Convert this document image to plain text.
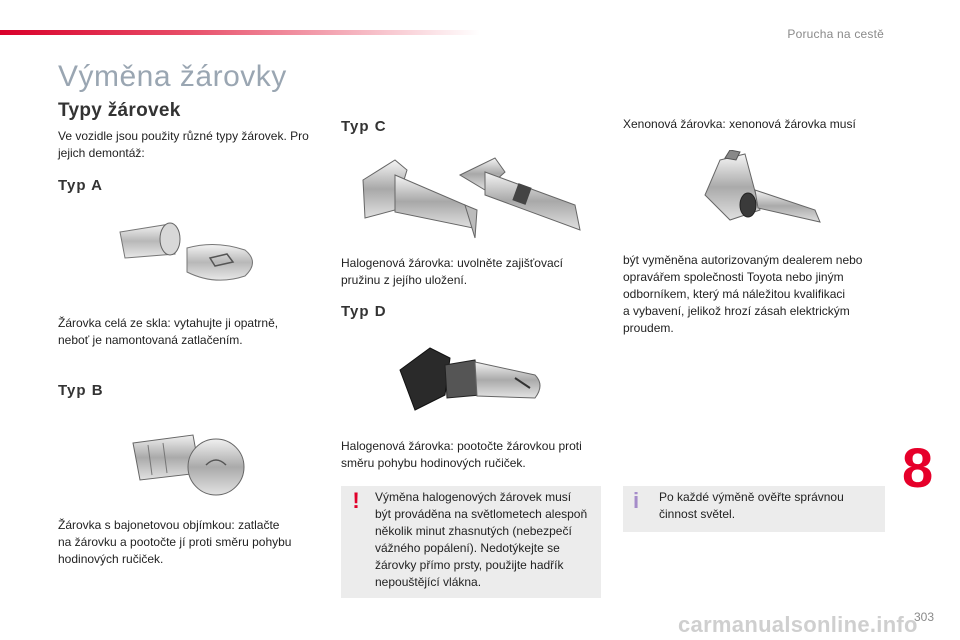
Porucha na cestě
Výměna žárovky
Typy žárovek
Ve vozidle jsou použity různé typy žárovek. Pro
jejich demontáž:
Typ A
Žárovka celá ze skla: vytahujte ji opatrně,
neboť je namontovaná zatlačením.
Typ B
Žárovka s bajonetovou objímkou: zatlačte
na žárovku a pootočte jí proti směru pohybu
hodinových ručiček.
Typ C
Halogenová žárovka: uvolněte zajišťovací
pružinu z jejího uložení.
Typ D
Halogenová žárovka: pootočte žárovkou proti
směru pohybu hodinových ručiček.
Xenonová žárovka: xenonová žárovka musí
být vyměněna autorizovaným dealerem nebo
opravářem společnosti Toyota nebo jiným
odborníkem, který má náležitou kvalifikaci
a vybavení, jelikož hrozí zásah elektrickým
proudem.
! Výměna halogenových žárovek musí
být prováděna na světlometech alespoň
několik minut zhasnutých (nebezpečí
vážného popálení). Nedotýkejte se
žárovky přímo prsty, použijte hadřík
nepouštějící vlákna.
i Po každé výměně ověřte správnou
činnost světel.
8
carmanualsonline.info
303
